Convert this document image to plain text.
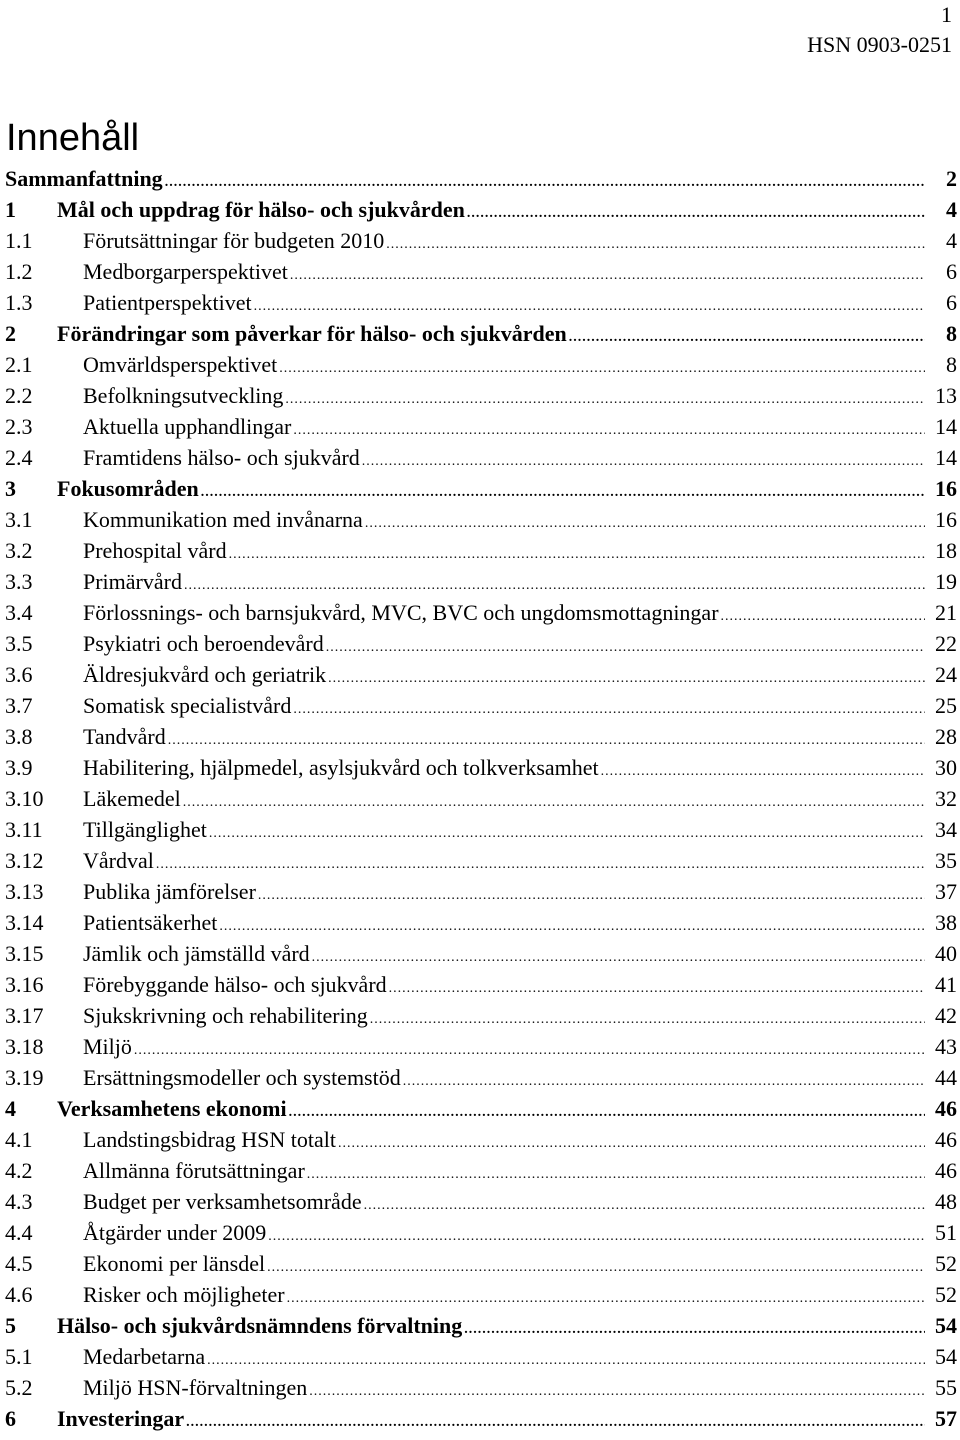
1
HSN 0903-0251
Innehåll
Sammanfattning .....	2
1	Mål och uppdrag för hälso- och sjukvården .....	4
1.1	Förutsättningar för budgeten 2010 .....	4
1.2	Medborgarperspektivet .....	6
1.3	Patientperspektivet .....	6
2	Förändringar som påverkar för hälso- och sjukvården .....	8
2.1	Omvärldsperspektivet .....	8
2.2	Befolkningsutveckling .....	13
2.3	Aktuella upphandlingar .....	14
2.4	Framtidens hälso- och sjukvård .....	14
3	Fokusområden .....	16
3.1	Kommunikation med invånarna .....	16
3.2	Prehospital vård .....	18
3.3	Primärvård .....	19
3.4	Förlossnings- och barnsjukvård, MVC, BVC och ungdomsmottagningar .....	21
3.5	Psykiatri och beroendevård .....	22
3.6	Äldresjukvård och geriatrik .....	24
3.7	Somatisk specialistvård .....	25
3.8	Tandvård .....	28
3.9	Habilitering, hjälpmedel, asylsjukvård och tolkverksamhet .....	30
3.10	Läkemedel .....	32
3.11	Tillgänglighet .....	34
3.12	Vårdval .....	35
3.13	Publika jämförelser .....	37
3.14	Patientsäkerhet .....	38
3.15	Jämlik och jämställd vård .....	40
3.16	Förebyggande hälso- och sjukvård .....	41
3.17	Sjukskrivning och rehabilitering .....	42
3.18	Miljö .....	43
3.19	Ersättningsmodeller och systemstöd .....	44
4	Verksamhetens ekonomi .....	46
4.1	Landstingsbidrag HSN totalt .....	46
4.2	Allmänna förutsättningar .....	46
4.3	Budget per verksamhetsområde .....	48
4.4	Åtgärder under 2009 .....	51
4.5	Ekonomi per länsdel .....	52
4.6	Risker och möjligheter .....	52
5	Hälso- och sjukvårdsnämndens förvaltning .....	54
5.1	Medarbetarna .....	54
5.2	Miljö HSN-förvaltningen .....	55
6	Investeringar .....	57
